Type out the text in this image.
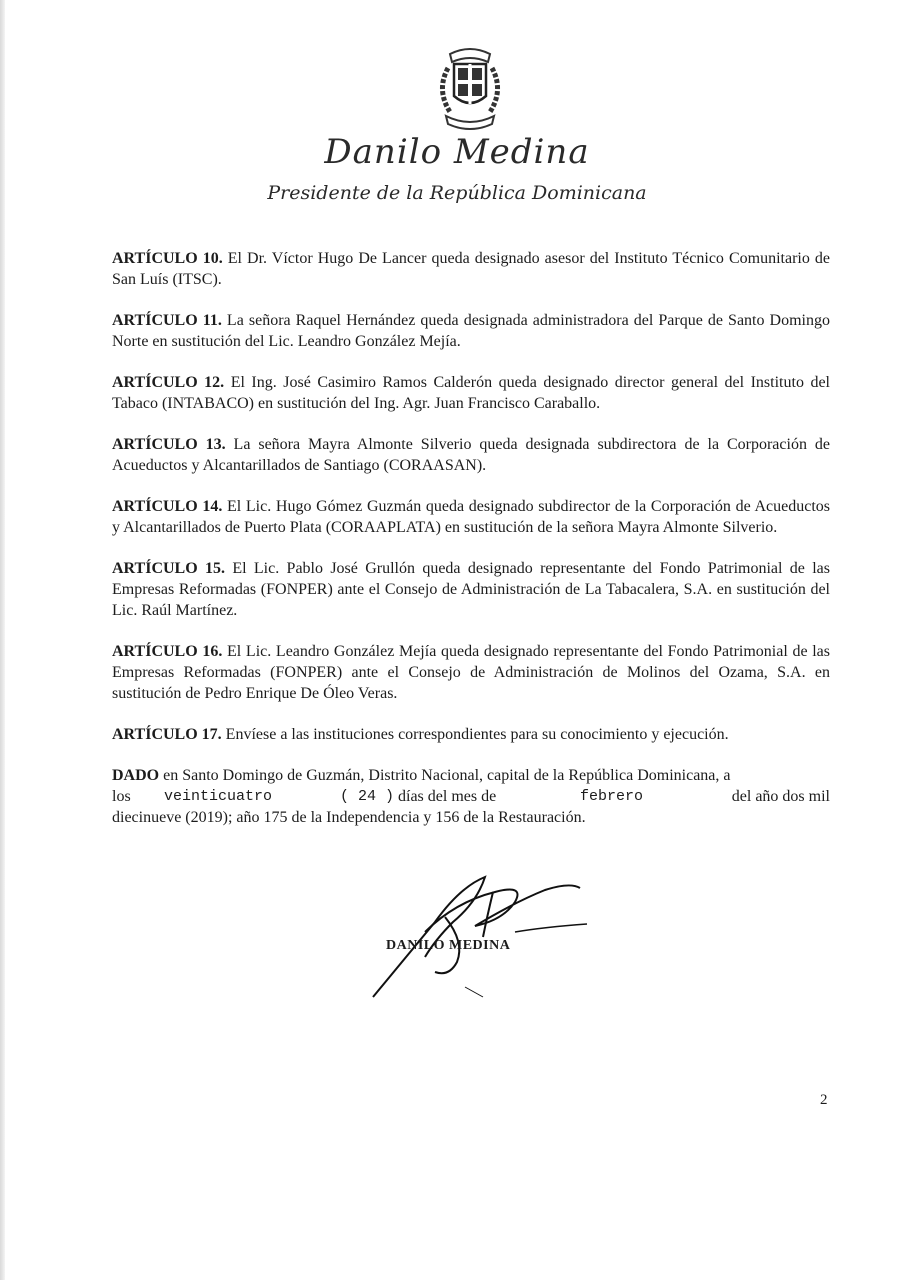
Danilo Medina
Presidente de la República Dominicana

ARTÍCULO 10. El Dr. Víctor Hugo De Lancer queda designado asesor del Instituto Técnico Comunitario de San Luís (ITSC).

ARTÍCULO 11. La señora Raquel Hernández queda designada administradora del Parque de Santo Domingo Norte en sustitución del Lic. Leandro González Mejía.

ARTÍCULO 12. El Ing. José Casimiro Ramos Calderón queda designado director general del Instituto del Tabaco (INTABACO) en sustitución del Ing. Agr. Juan Francisco Caraballo.

ARTÍCULO 13. La señora Mayra Almonte Silverio queda designada subdirectora de la Corporación de Acueductos y Alcantarillados de Santiago (CORAASAN).

ARTÍCULO 14. El Lic. Hugo Gómez Guzmán queda designado subdirector de la Corporación de Acueductos y Alcantarillados de Puerto Plata (CORAAPLATA) en sustitución de la señora Mayra Almonte Silverio.

ARTÍCULO 15. El Lic. Pablo José Grullón queda designado representante del Fondo Patrimonial de las Empresas Reformadas (FONPER) ante el Consejo de Administración de La Tabacalera, S.A. en sustitución del Lic. Raúl Martínez.

ARTÍCULO 16. El Lic. Leandro González Mejía queda designado representante del Fondo Patrimonial de las Empresas Reformadas (FONPER) ante el Consejo de Administración de Molinos del Ozama, S.A. en sustitución de Pedro Enrique De Óleo Veras.

ARTÍCULO 17. Envíese a las instituciones correspondientes para su conocimiento y ejecución.

DADO en Santo Domingo de Guzmán, Distrito Nacional, capital de la República Dominicana, a
los veinticuatro	( 24 ) días del mes de	febrero	del año dos mil
diecinueve (2019); año 175 de la Independencia y 156 de la Restauración.
DANILO MEDINA
2
